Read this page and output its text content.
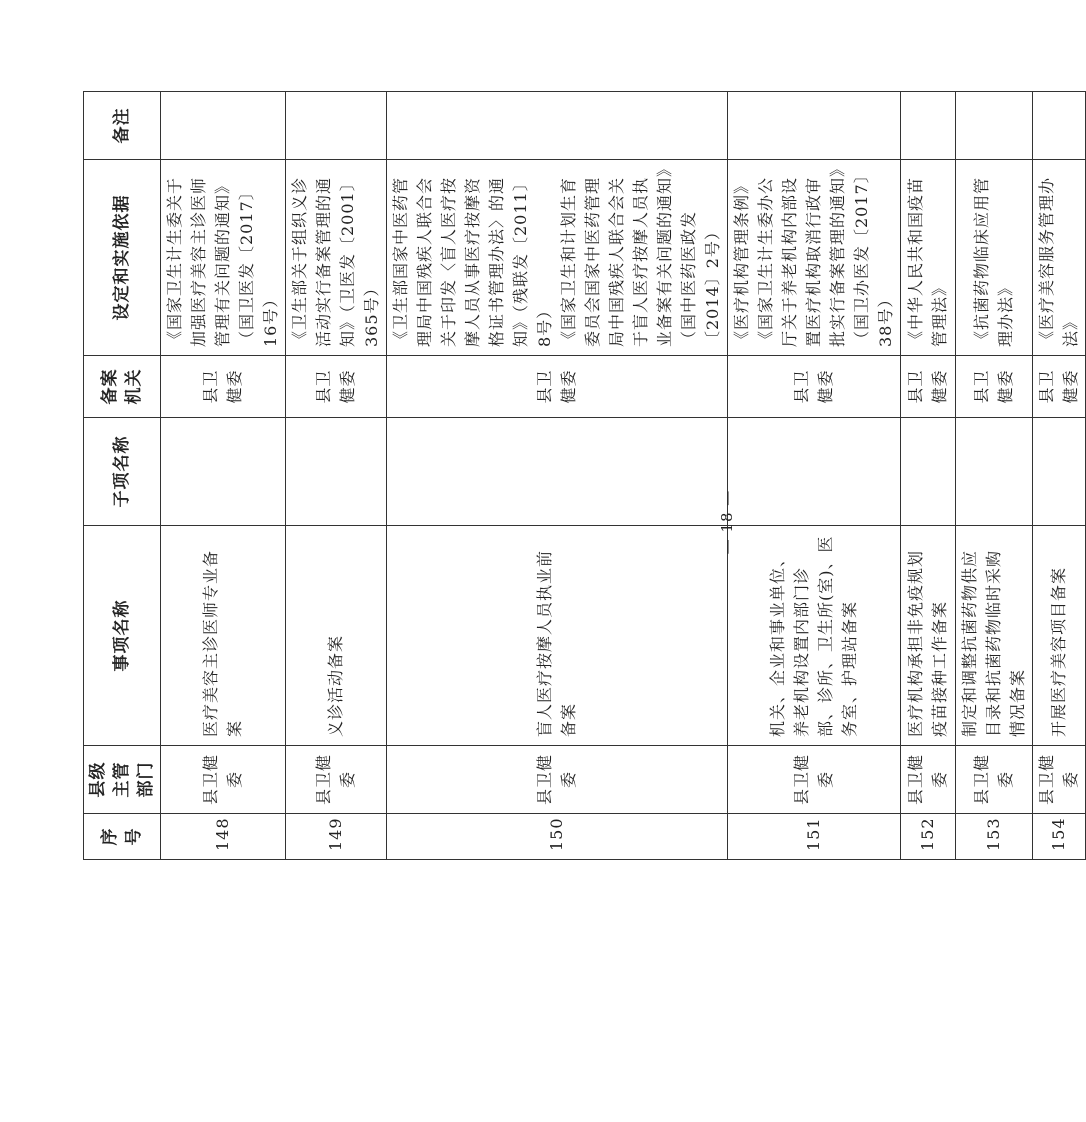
序号	县级主管部门	事项名称	子项名称	备案机关	设定和实施依据	备注
148	县卫健委	医疗美容主诊医师专业备案		县卫健委	《国家卫生计生委关于加强医疗美容主诊医师管理有关问题的通知》（国卫医发〔2017〕16号）	

149	县卫健委	义诊活动备案		县卫健委	《卫生部关于组织义诊活动实行备案管理的通知》（卫医发〔2001〕365号）	

150	县卫健委	盲人医疗按摩人员执业前备案		县卫健委	《卫生部国家中医药管理局中国残疾人联合会关于印发〈盲人医疗按摩人员从事医疗按摩资格证书管理办法〉的通知》（残联发〔2011〕8号） 《国家卫生和计划生育委员会国家中医药管理局中国残疾人联合会关于盲人医疗按摩人员执业备案有关问题的通知》（国中医药医政发〔2014〕2号）	

151	县卫健委	机关、企业和事业单位、养老机构设置内部门诊部、诊所、卫生所(室)、医务室、护理站备案		县卫健委	《医疗机构管理条例》 《国家卫生计生委办公厅关于养老机构内部设置医疗机构取消行政审批实行备案管理的通知》（国卫办医发〔2017〕38号）	

152	县卫健委	医疗机构承担非免疫规划疫苗接种工作备案		县卫健委	《中华人民共和国疫苗管理法》	

153	县卫健委	制定和调整抗菌药物供应目录和抗菌药物临时采购情况备案		县卫健委	《抗菌药物临床应用管理办法》	

154	县卫健委	开展医疗美容项目备案		县卫健委	《医疗美容服务管理办法》	

— 18 —
